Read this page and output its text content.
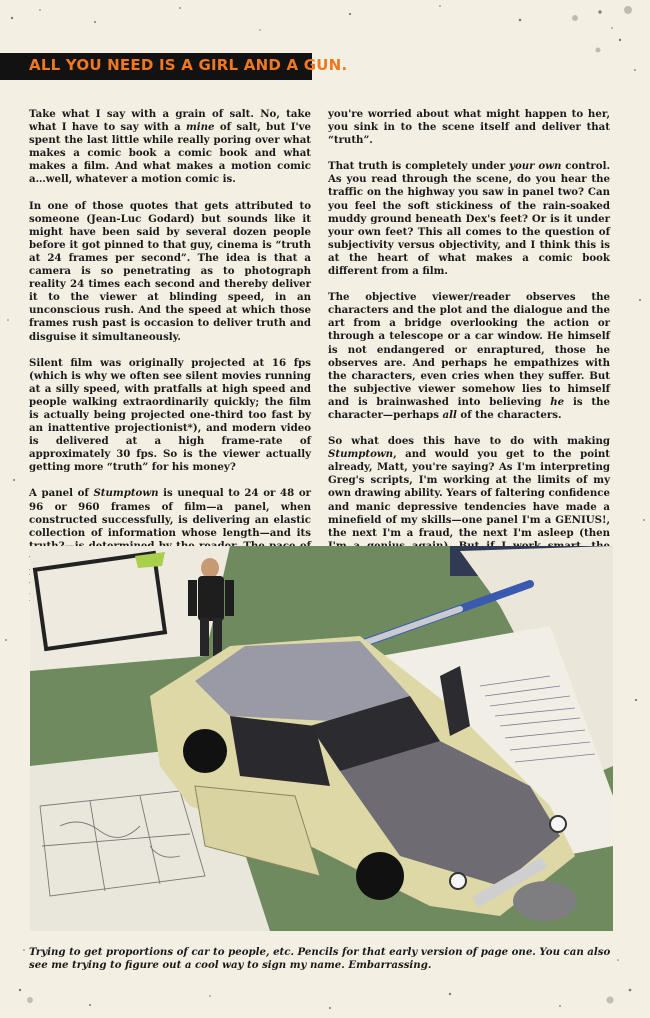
ALL YOU NEED IS A GIRL AND A GUN.

Take what I say with a grain of salt. No, take what I have to say with a mine of salt, but I've spent the last little while really poring over what makes a comic book a comic book and what makes a film. And what makes a motion comic a…well, whatever a motion comic is.

In one of those quotes that gets attributed to someone (Jean-Luc Godard) but sounds like it might have been said by several dozen people before it got pinned to that guy, cinema is “truth at 24 frames per second”. The idea is that a camera is so penetrating as to photograph reality 24 times each second and thereby deliver it to the viewer at blinding speed, in an unconscious rush. And the speed at which those frames rush past is occasion to deliver truth and disguise it simultaneously.

Silent film was originally projected at 16 fps (which is why we often see silent movies running at a silly speed, with pratfalls at high speed and people walking extraordinarily quickly; the film is actually being projected one-third too fast by an inattentive projectionist*), and modern video is delivered at a high frame-rate of approximately 30 fps. So is the viewer actually getting more “truth” for his money?

A panel of Stumptown is unequal to 24 or 48 or 96 or 960 frames of film—a panel, when constructed successfully, is delivering an elastic collection of information whose length—and its

you're worried about what might happen to her, you sink in to the scene itself and deliver that “truth”.

That truth is completely under your own control. As you read through the scene, do you hear the traffic on the highway you saw in panel two? Can you feel the soft stickiness of the rain-soaked muddy ground beneath Dex's feet? Or is it under your own feet? This all comes to the question of subjectivity versus objectivity, and I think this is at the heart of what makes a comic book different from a film.

The objective viewer/reader observes the characters and the plot and the dialogue and the art from a bridge overlooking the action or through a telescope or a car window. He himself is not endangered or enraptured, those he observes are. And perhaps he empathizes with the characters, even cries when they suffer. But the subjective viewer somehow lies to himself and is brainwashed into believing he is the character—perhaps all of the characters.

So what does this have to do with making Stumptown, and would you get to the point already, Matt, you're saying? As I'm interpreting Greg's scripts, I'm working at the limits of my own drawing ability. Years of faltering confidence and manic depressive tendencies have made a minefield of my skills—one panel I'm a GENIUS!, the next I'm a fraud, the next I'm asleep (then

Trying to get proportions of car to people, etc. Pencils for that early version of page one. You can also see me trying to figure out a cool way to sign my name. Embarrassing.
